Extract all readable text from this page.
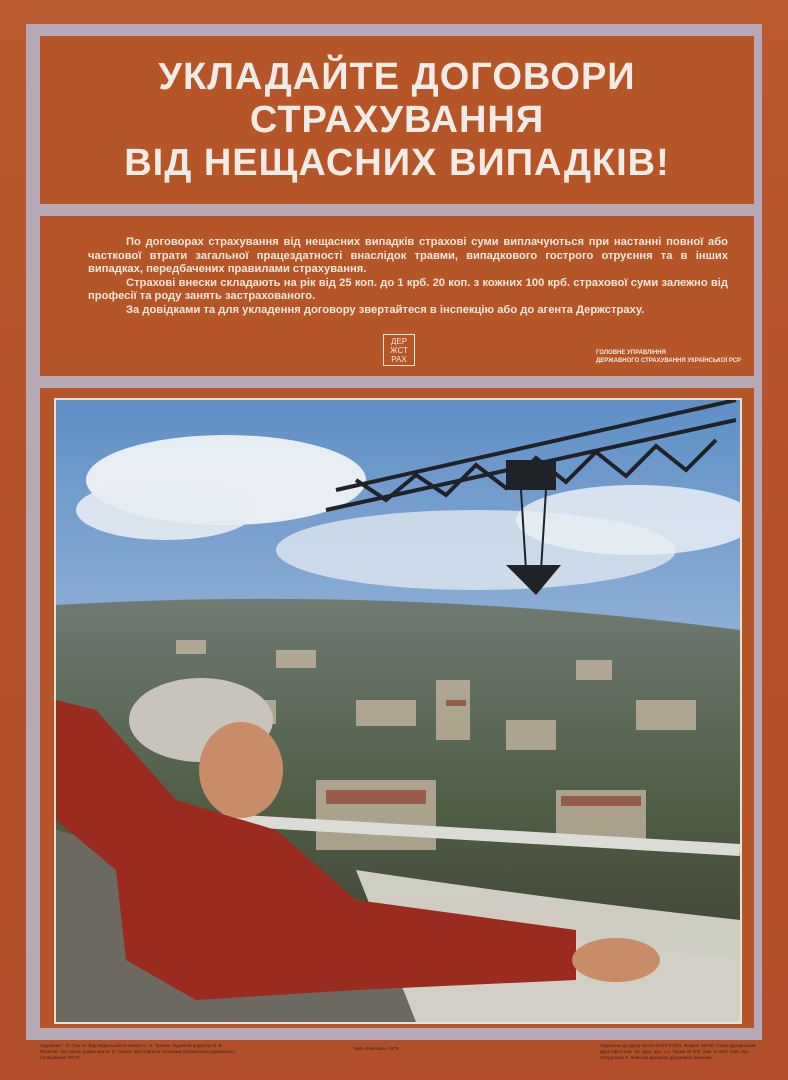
УКЛАДАЙТЕ ДОГОВОРИ
СТРАХУВАННЯ
ВІД НЕЩАСНИХ ВИПАДКІВ!

По договорах страхування від нещасних випадків страхові суми виплачуються при настанні повної або часткової втрати загальної працездатності внаслідок травми, випадкового гострого отруєння та в інших випадках, передбачених правилами страхування.

Страхові внески складають на рік від 25 коп. до 1 крб. 20 коп. з кожних 100 крб. страхової суми залежно від професії та роду занять застрахованого.

За довідками та для укладення договору звертайтеся в інспекцію або до агента Держстраху.

ДЕР
ЖСТ
РАХ
ГОЛОВНЕ УПРАВЛІННЯ
ДЕРЖАВНОГО СТРАХУВАННЯ УКРАЇНСЬКОЇ РСР
Художник Г. П. Гузь та. Відповідальний за випуск С. Н. Трохим. Художній редактор В. В. Яковлев. Заступник редактора М. О. Сеньм. Виготовлено Головним управлінням державного страхування УРСР.
Київ «Реклама» 1979
Підписано до друку 10.VII.79 БФ 07301. Формат 60×90. Папір друкарський. Друк офсетний. Ум. друк. арк. 4,1. Тираж 20 000. Зам. 9-1823. Київ, вул. Свердлова, 6. Київська фабрика друкованої реклами.
